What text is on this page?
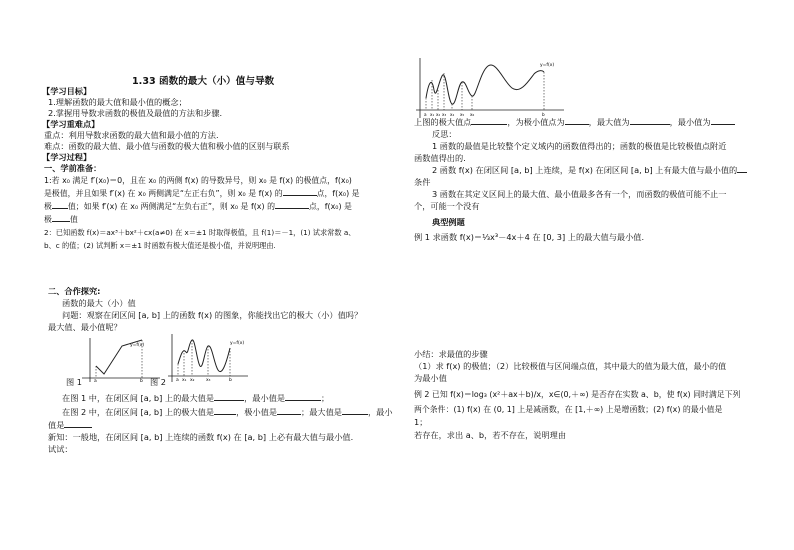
1.33 函数的最大（小）值与导数
【学习目标】
1.理解函数的最大值和最小值的概念；
2.掌握用导数求函数的极值及最值的方法和步骤.
【学习重难点】
重点：利用导数求函数的最大值和最小值的方法.
难点：函数的最大值、最小值与函数的极大值和极小值的区别与联系
【学习过程】
一、学前准备：
1:若 x₀ 满足 f′(x₀)＝0，且在 x₀ 的两侧 f(x) 的导数异号，则 x₀ 是 f(x) 的极值点，f(x₀)
是极值，并且如果 f′(x) 在 x₀ 两侧满足“左正右负”，则 x₀ 是 f(x) 的	点，f(x₀) 是
极 值；如果 f′(x) 在 x₀ 两侧满足“左负右正”，则 x₀ 是 f(x) 的	点，f(x₀) 是
极 值
2：已知函数 f(x)＝ax³＋bx²＋cx(a≠0) 在 x＝±1 时取得极值，且 f(1)＝－1，(1) 试求常数 a、
b、c 的值；(2) 试判断 x＝±1 时函数有极大值还是极小值，并说明理由.
二、合作探究:
函数的最大（小）值
问题：观察在闭区间 [a, b] 上的函数 f(x) 的图象，你能找出它的极大（小）值吗？
最大值、最小值呢？
y=f(x)
a	b
y=f(x)
a x₁ x₂	x₃	b
图 1	图 2
在图 1 中，在闭区间 [a, b] 上的最大值是	，最小值是	；
在图 2 中，在闭区间 [a, b] 上的极大值是	，极小值是	；最大值是	，最小
值是
新知：一般地，在闭区间 [a, b] 上连续的函数 f(x) 在 [a, b] 上必有最大值与最小值.
试试：
y=f(x)
a x₁ x₂ x₃ x₄ x₅ x₆	b
上图的极大值点	，为极小值点为	，最大值为	，最小值为
反思：
1 函数的最值是比较整个定义域内的函数值得出的；函数的极值是比较极值点附近
函数值得出的.
2 函数 f(x) 在闭区间 [a, b] 上连续，是 f(x) 在闭区间 [a, b] 上有最大值与最小值的
条件
3 函数在其定义区间上的最大值、最小值最多各有一个，而函数的极值可能不止一
个，可能一个没有
典型例题
例 1 求函数 f(x)＝⅓x³－4x＋4 在 [0, 3] 上的最大值与最小值.
小结：求最值的步骤
（1）求 f(x) 的极值；（2）比较极值与区间端点值，其中最大的值为最大值，最小的值
为最小值
例 2 已知 f(x)＝log₃ (x²＋ax＋b)/x，x∈(0,＋∞) 是否存在实数 a、b，使 f(x) 同时满足下列
两个条件：(1) f(x) 在 (0, 1] 上是减函数，在 [1,＋∞) 上是增函数；(2) f(x) 的最小值是
1；
若存在，求出 a、b，若不存在，说明理由
